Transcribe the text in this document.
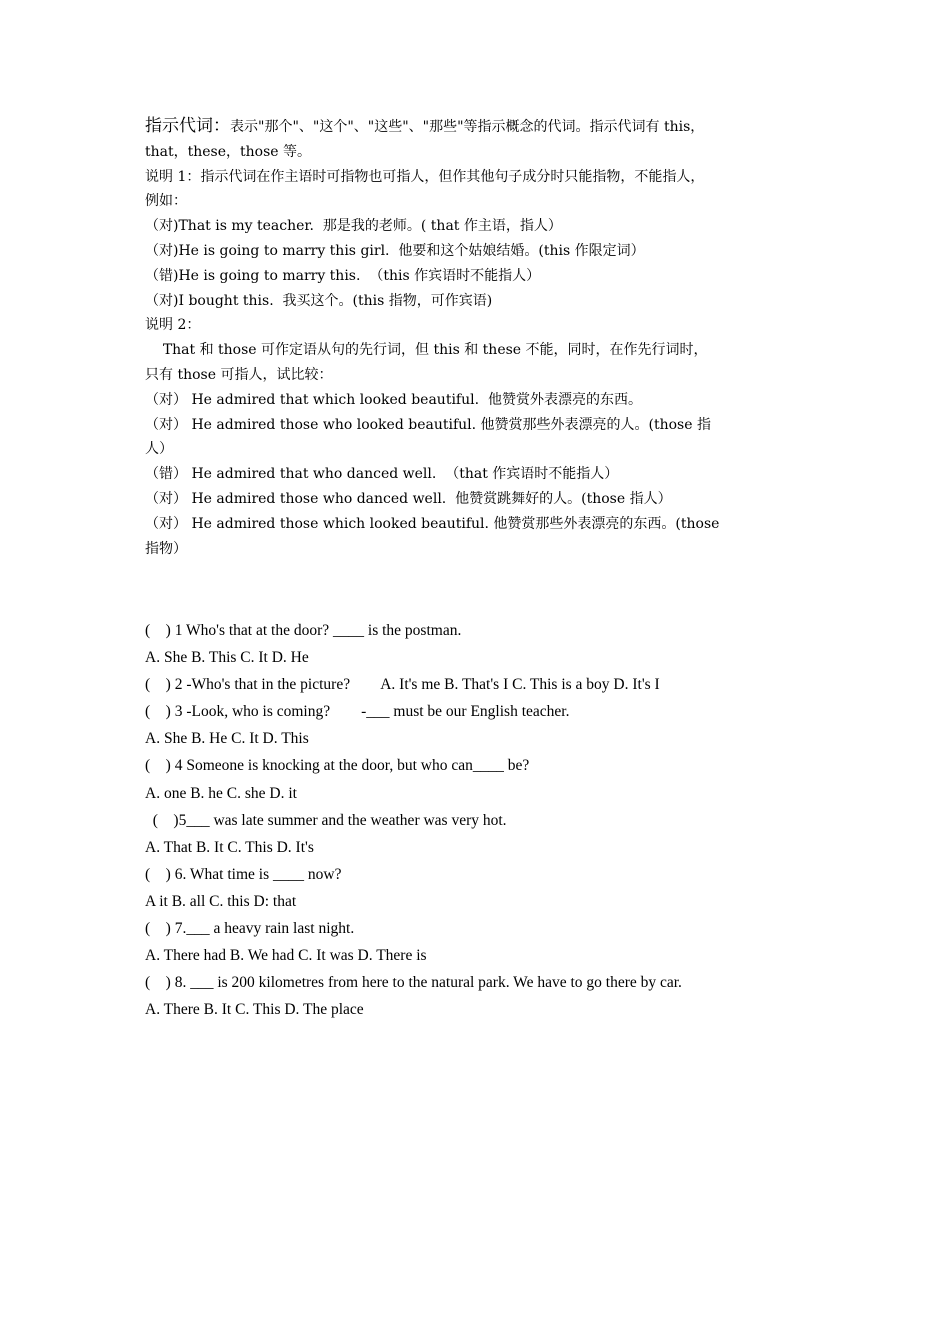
指示代词：表示"那个"、"这个"、"这些"、"那些"等指示概念的代词。指示代词有 this，

that，these，those 等。

说明 1：指示代词在作主语时可指物也可指人，但作其他句子成分时只能指物，不能指人，

例如：

（对)That is my teacher.  那是我的老师。( that 作主语，指人）

（对)He is going to marry this girl.  他要和这个姑娘结婚。(this 作限定词）

（错)He is going to marry this.  （this 作宾语时不能指人）

（对)I bought this.  我买这个。(this 指物，可作宾语)

说明 2：

That 和 those 可作定语从句的先行词，但 this 和 these 不能，同时，在作先行词时，

只有 those 可指人，试比较：

（对） He admired that which looked beautiful.  他赞赏外表漂亮的东西。

（对） He admired those who looked beautiful. 他赞赏那些外表漂亮的人。(those 指

人）

（错） He admired that who danced well.  （that 作宾语时不能指人）

（对） He admired those who danced well.  他赞赏跳舞好的人。(those 指人）

（对） He admired those which looked beautiful. 他赞赏那些外表漂亮的东西。(those

指物）

(    ) 1 Who's that at the door? ____ is the postman.

A. She B. This C. It D. He

(    ) 2 -Who's that in the picture?        A. It's me B. That's I C. This is a boy D. It's I

(    ) 3 -Look, who is coming?        -___ must be our English teacher.

A. She B. He C. It D. This

(    ) 4 Someone is knocking at the door, but who can____ be?

A. one B. he C. she D. it

(    )5___ was late summer and the weather was very hot.

A. That B. It C. This D. It's

(    ) 6. What time is ____ now?

A it B. all C. this D: that

(    ) 7.___ a heavy rain last night.

A. There had B. We had C. It was D. There is

(    ) 8. ___ is 200 kilometres from here to the natural park. We have to go there by car.

A. There B. It C. This D. The place
